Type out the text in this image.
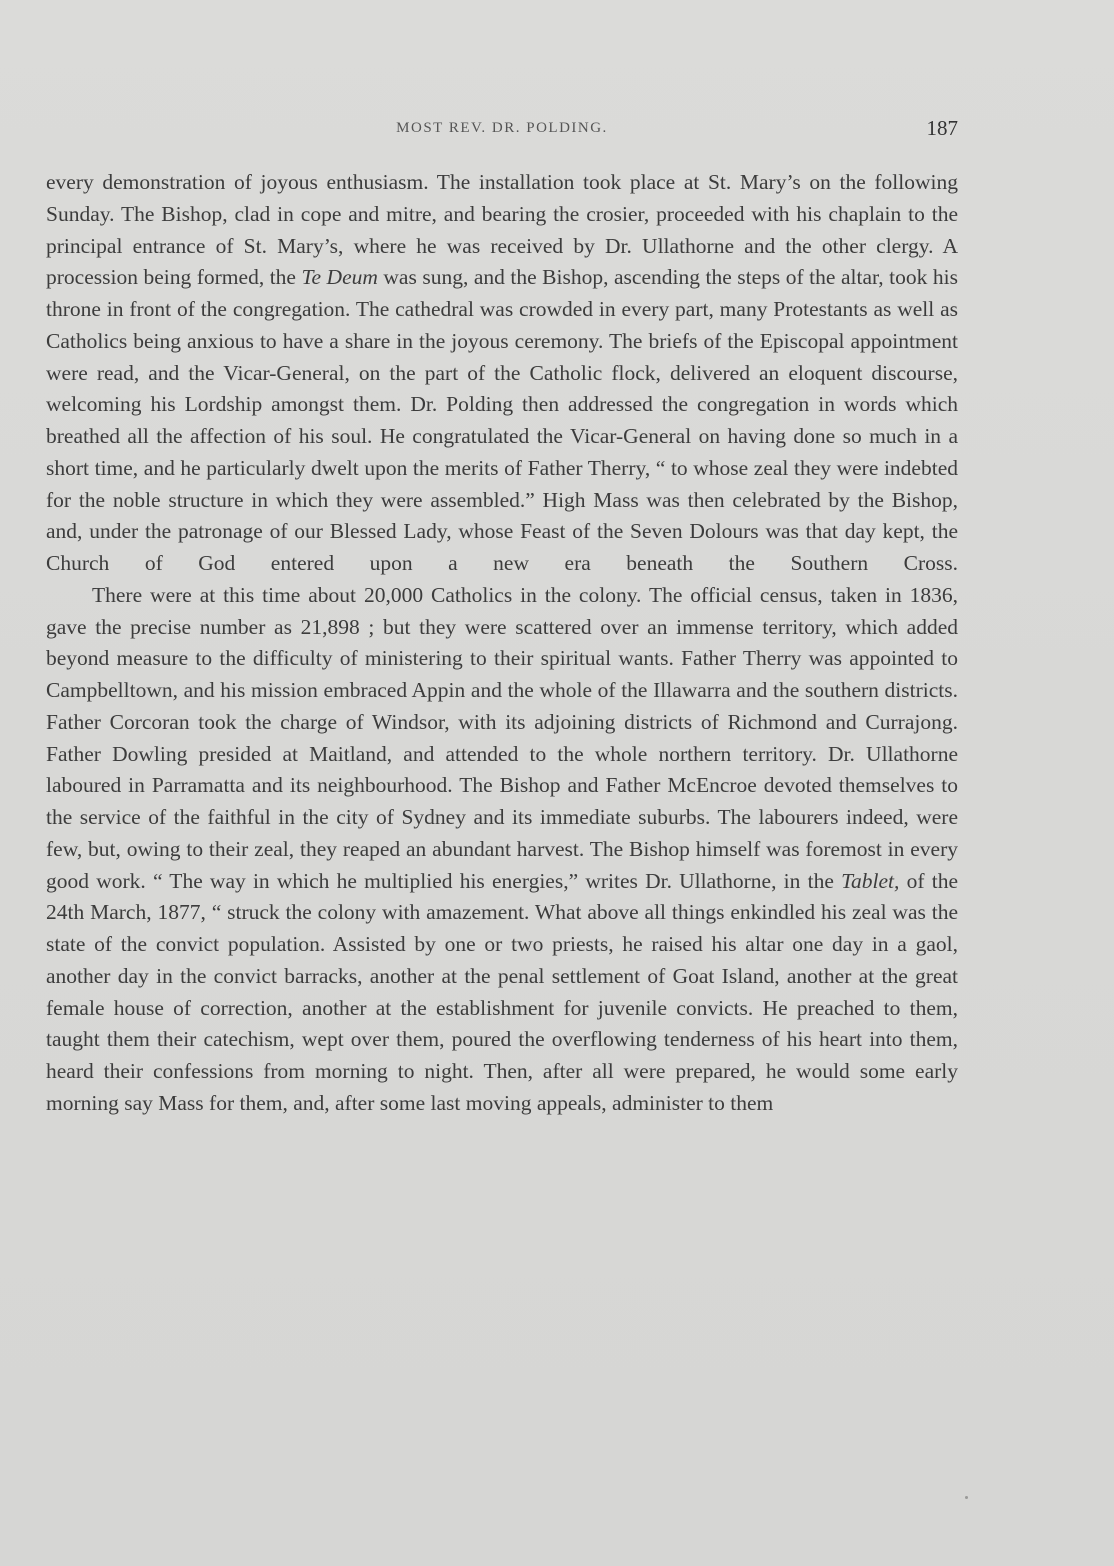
MOST REV. DR. POLDING.	187

every demonstration of joyous enthusiasm. The installation took place at St. Mary’s on the following Sunday. The Bishop, clad in cope and mitre, and bearing the crosier, proceeded with his chaplain to the principal entrance of St. Mary’s, where he was received by Dr. Ullathorne and the other clergy. A procession being formed, the Te Deum was sung, and the Bishop, ascending the steps of the altar, took his throne in front of the congregation. The cathedral was crowded in every part, many Protestants as well as Catholics being anxious to have a share in the joyous ceremony. The briefs of the Episcopal appointment were read, and the Vicar-General, on the part of the Catholic flock, delivered an eloquent discourse, welcoming his Lordship amongst them. Dr. Polding then addressed the congregation in words which breathed all the affection of his soul. He congratulated the Vicar-General on having done so much in a short time, and he particularly dwelt upon the merits of Father Therry, “ to whose zeal they were indebted for the noble structure in which they were assembled.” High Mass was then celebrated by the Bishop, and, under the patronage of our Blessed Lady, whose Feast of the Seven Dolours was that day kept, the Church of God entered upon a new era beneath the Southern Cross.

There were at this time about 20,000 Catholics in the colony. The official census, taken in 1836, gave the precise number as 21,898 ; but they were scattered over an immense territory, which added beyond measure to the difficulty of ministering to their spiritual wants. Father Therry was appointed to Campbelltown, and his mission embraced Appin and the whole of the Illawarra and the southern districts. Father Corcoran took the charge of Windsor, with its adjoining districts of Richmond and Currajong. Father Dowling presided at Maitland, and attended to the whole northern territory. Dr. Ullathorne laboured in Parramatta and its neighbourhood. The Bishop and Father McEncroe devoted themselves to the service of the faithful in the city of Sydney and its immediate suburbs. The labourers indeed, were few, but, owing to their zeal, they reaped an abundant harvest. The Bishop himself was foremost in every good work. “ The way in which he multiplied his energies,” writes Dr. Ullathorne, in the Tablet, of the 24th March, 1877, “ struck the colony with amazement. What above all things enkindled his zeal was the state of the convict population. Assisted by one or two priests, he raised his altar one day in a gaol, another day in the convict barracks, another at the penal settlement of Goat Island, another at the great female house of correction, another at the establishment for juvenile convicts. He preached to them, taught them their catechism, wept over them, poured the overflowing tenderness of his heart into them, heard their confessions from morning to night. Then, after all were prepared, he would some early morning say Mass for them, and, after some last moving appeals, administer to them
